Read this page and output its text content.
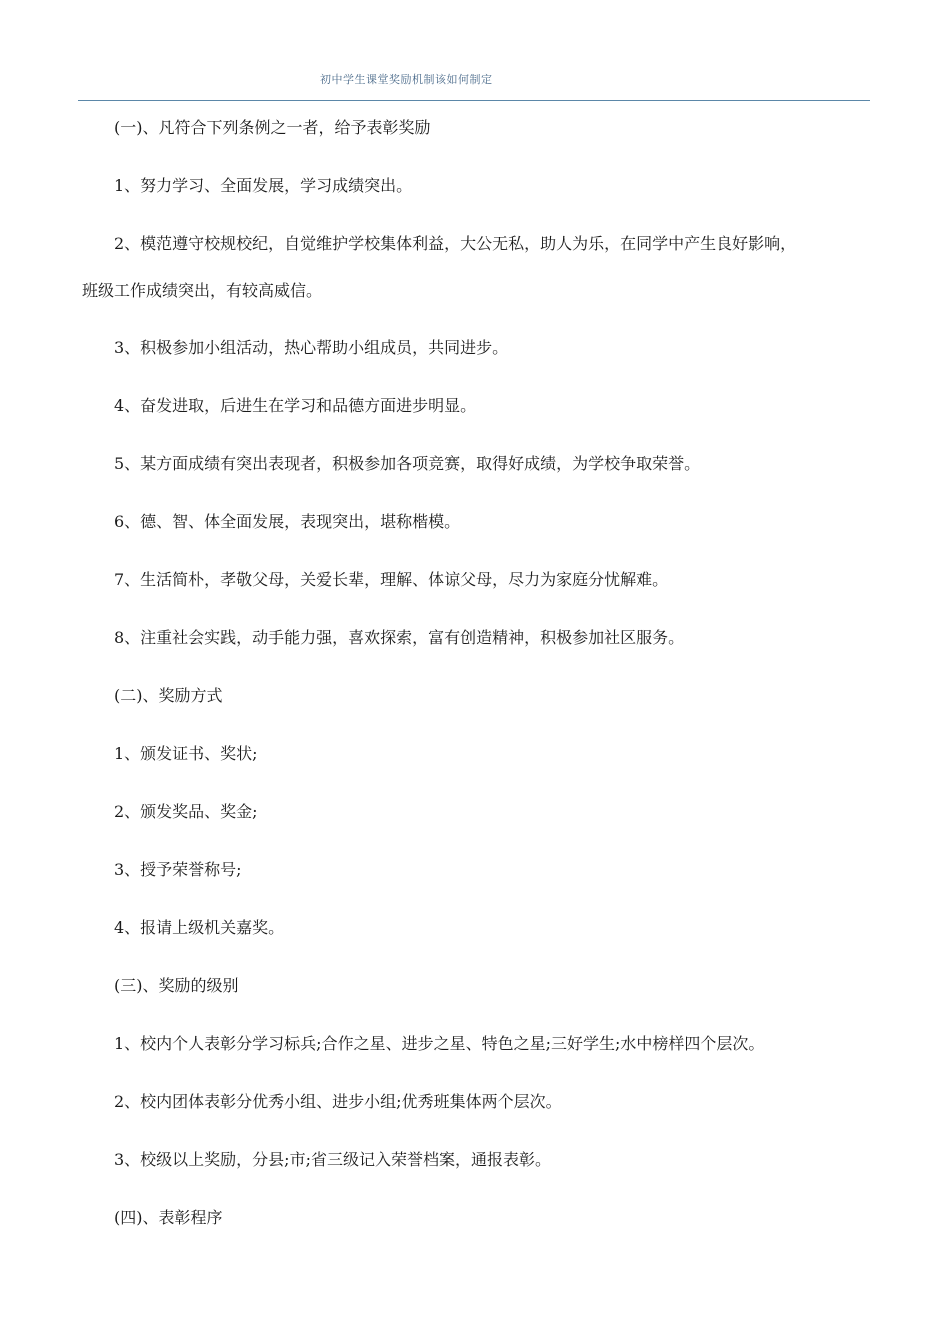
初中学生课堂奖励机制该如何制定
(一)、凡符合下列条例之一者，给予表彰奖励
1、努力学习、全面发展，学习成绩突出。
2、模范遵守校规校纪，自觉维护学校集体利益，大公无私，助人为乐，在同学中产生良好影响，
班级工作成绩突出，有较高威信。
3、积极参加小组活动，热心帮助小组成员，共同进步。
4、奋发进取，后进生在学习和品德方面进步明显。
5、某方面成绩有突出表现者，积极参加各项竞赛，取得好成绩，为学校争取荣誉。
6、德、智、体全面发展，表现突出，堪称楷模。
7、生活简朴，孝敬父母，关爱长辈，理解、体谅父母，尽力为家庭分忧解难。
8、注重社会实践，动手能力强，喜欢探索，富有创造精神，积极参加社区服务。
(二)、奖励方式
1、颁发证书、奖状;
2、颁发奖品、奖金;
3、授予荣誉称号;
4、报请上级机关嘉奖。
(三)、奖励的级别
1、校内个人表彰分学习标兵;合作之星、进步之星、特色之星;三好学生;水中榜样四个层次。
2、校内团体表彰分优秀小组、进步小组;优秀班集体两个层次。
3、校级以上奖励，分县;市;省三级记入荣誉档案，通报表彰。
(四)、表彰程序
